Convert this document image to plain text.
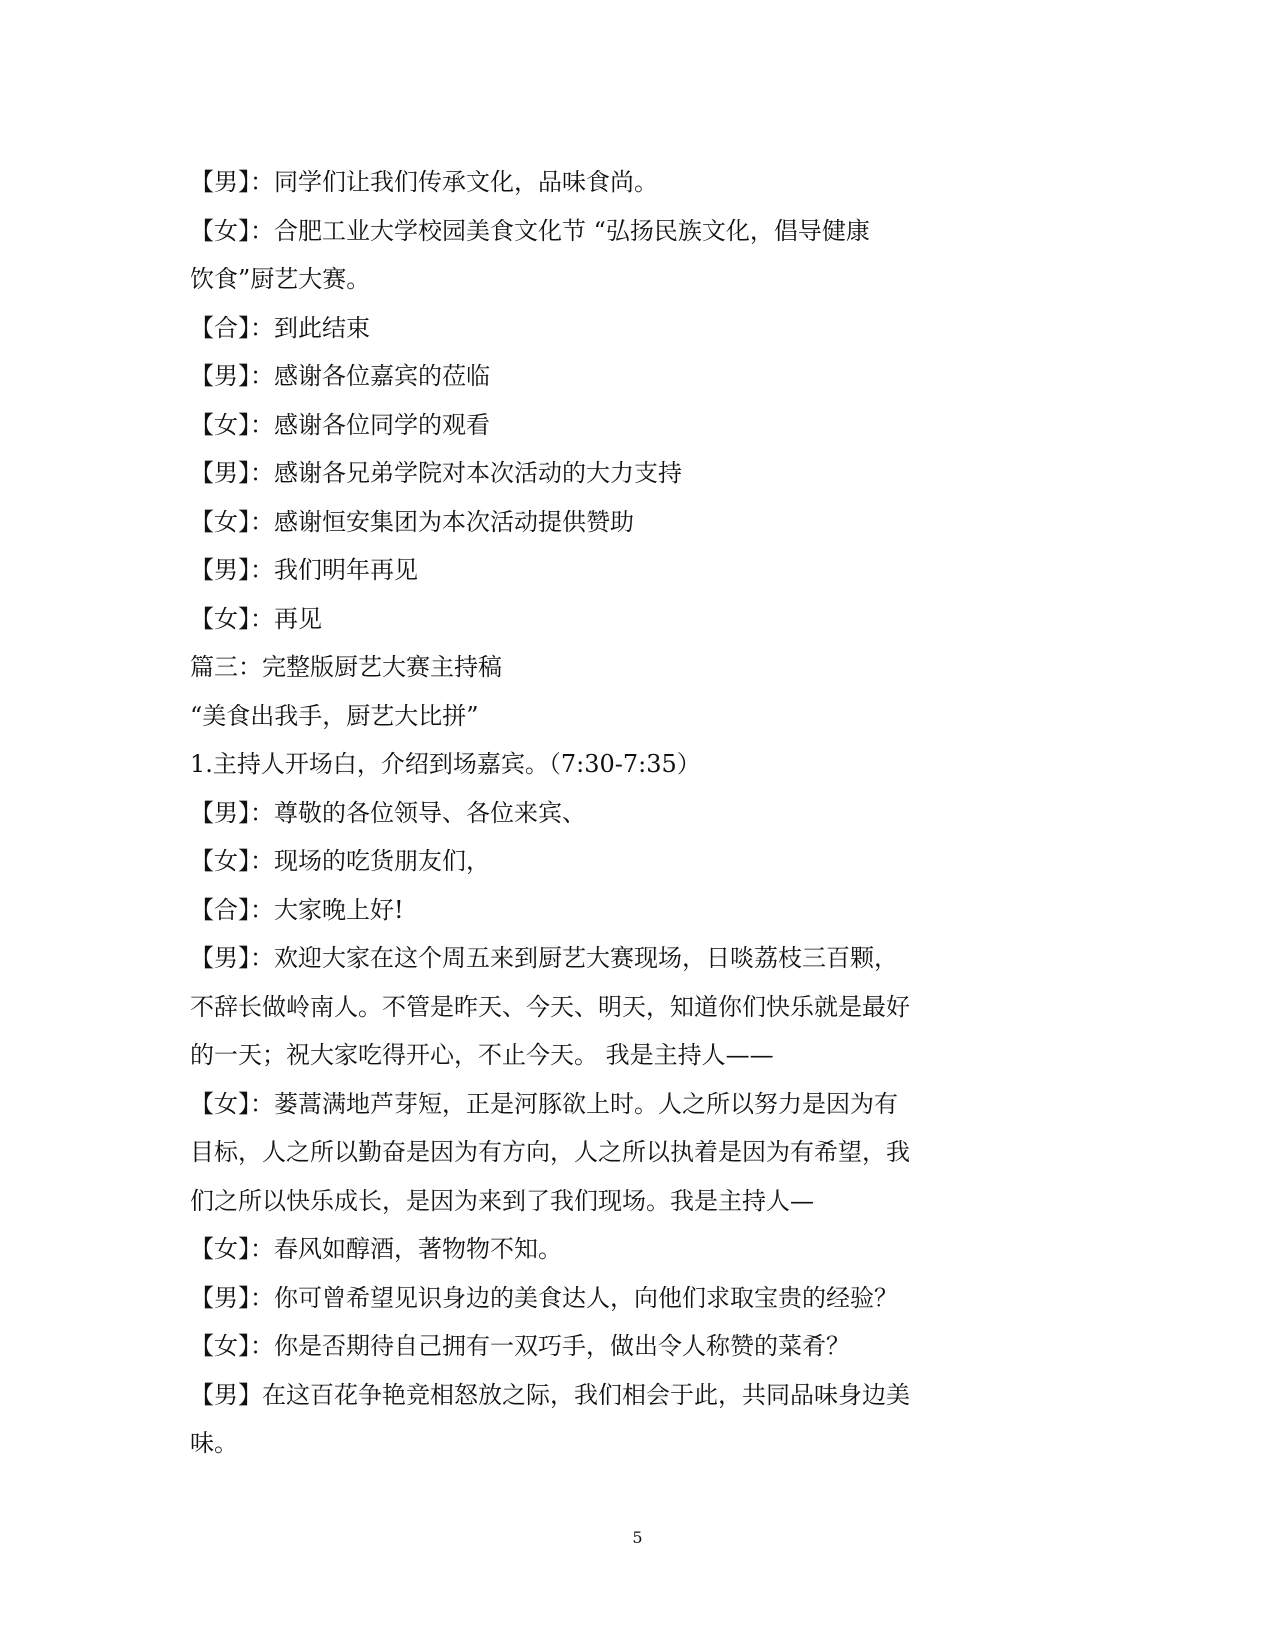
【男】：同学们让我们传承文化，品味食尚。
【女】：合肥工业大学校园美食文化节 “弘扬民族文化，倡导健康
饮食”厨艺大赛。
【合】：到此结束
【男】：感谢各位嘉宾的莅临
【女】：感谢各位同学的观看
【男】：感谢各兄弟学院对本次活动的大力支持
【女】：感谢恒安集团为本次活动提供赞助
【男】：我们明年再见
【女】：再见
篇三：完整版厨艺大赛主持稿
“美食出我手，厨艺大比拼”
1.主持人开场白，介绍到场嘉宾。（7:30-7:35）
【男】：尊敬的各位领导、各位来宾、
【女】：现场的吃货朋友们，
【合】：大家晚上好!
【男】：欢迎大家在这个周五来到厨艺大赛现场，日啖荔枝三百颗，
不辞长做岭南人。不管是昨天、今天、明天，知道你们快乐就是最好
的一天；祝大家吃得开心，不止今天。 我是主持人——
【女】：蒌蒿满地芦芽短，正是河豚欲上时。人之所以努力是因为有
目标，人之所以勤奋是因为有方向，人之所以执着是因为有希望，我
们之所以快乐成长，是因为来到了我们现场。我是主持人—
【女】：春风如醇酒，著物物不知。
【男】：你可曾希望见识身边的美食达人，向他们求取宝贵的经验？
【女】：你是否期待自己拥有一双巧手，做出令人称赞的菜肴？
【男】在这百花争艳竞相怒放之际，我们相会于此，共同品味身边美
味。
5
